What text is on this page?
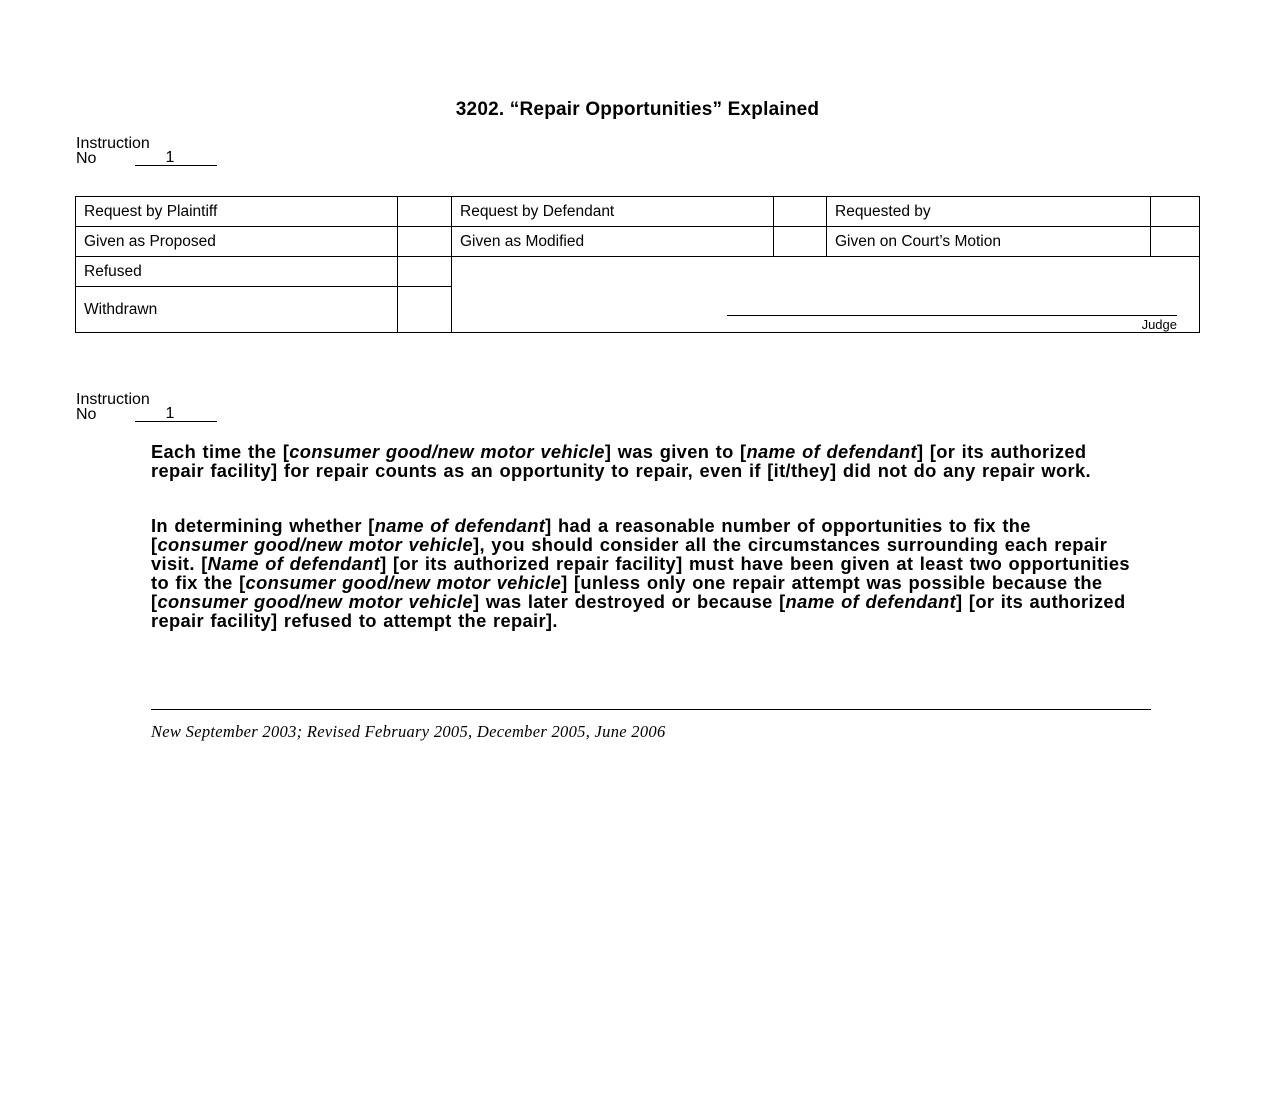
3202. “Repair Opportunities” Explained
Instruction
No	1
Request by Plaintiff	Request by Defendant	Requested by
Given as Proposed	Given as Modified	Given on Court’s Motion
Refused
Withdrawn
Judge
Instruction
No	1

Each time the [consumer good/new motor vehicle] was given to [name of defendant] [or its authorized repair facility] for repair counts as an opportunity to repair, even if [it/they] did not do any repair work.

In determining whether [name of defendant] had a reasonable number of opportunities to fix the [consumer good/new motor vehicle], you should consider all the circumstances surrounding each repair visit. [Name of defendant] [or its authorized repair facility] must have been given at least two opportunities to fix the [consumer good/new motor vehicle] [unless only one repair attempt was possible because the [consumer good/new motor vehicle] was later destroyed or because [name of defendant] [or its authorized repair facility] refused to attempt the repair].

New September 2003; Revised February 2005, December 2005, June 2006
